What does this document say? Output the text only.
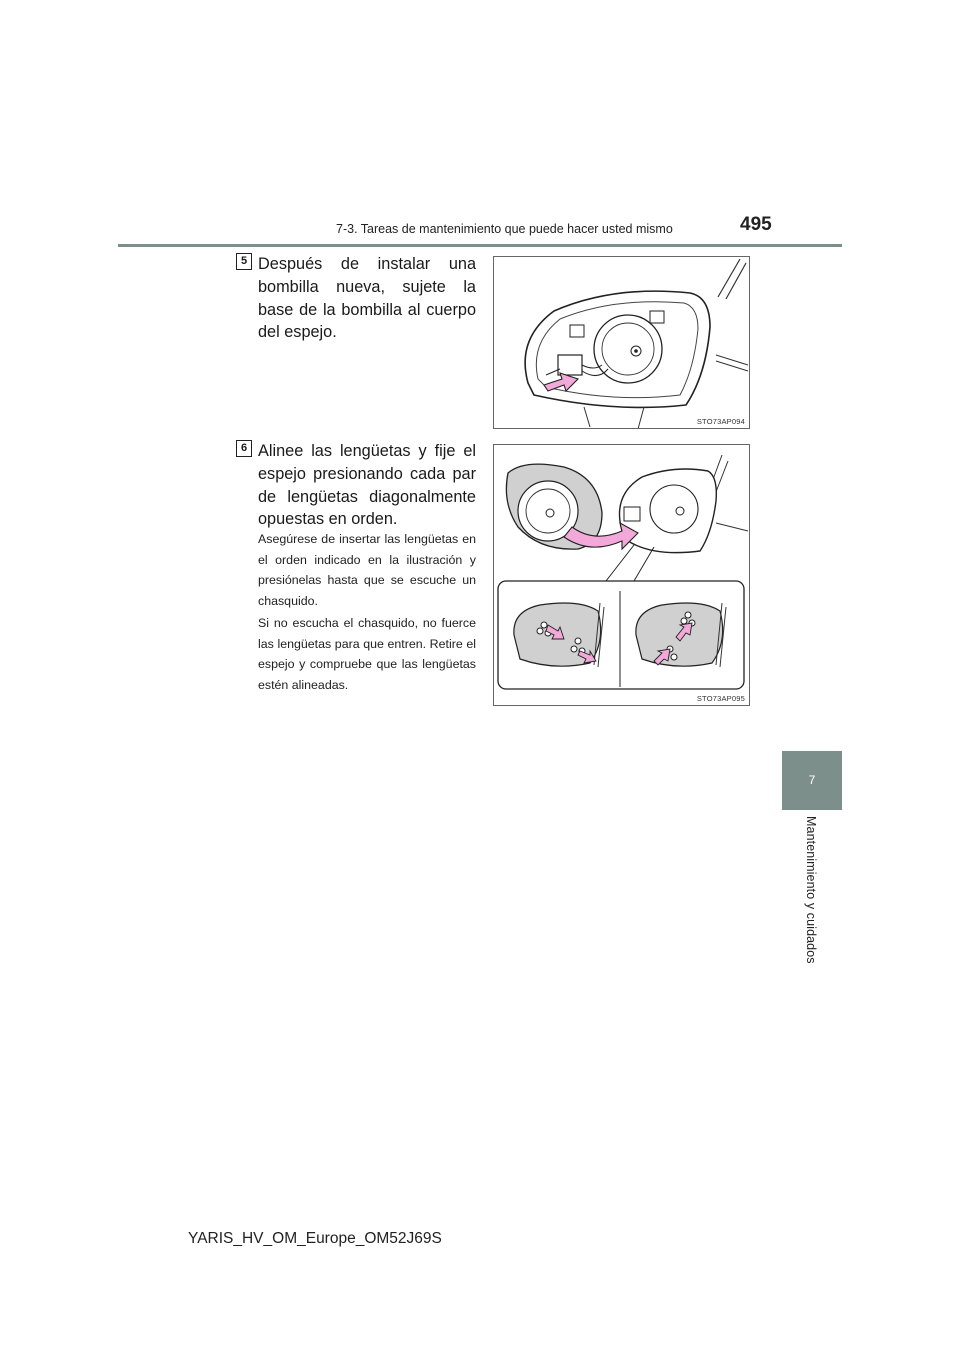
7-3. Tareas de mantenimiento que puede hacer usted mismo	495
7
Mantenimiento y cuidados
5 Después de instalar una bombilla nueva, sujete la base de la bombilla al cuerpo del espejo.
STO73AP094
6 Alinee las lengüetas y fije el espejo presionando cada par de lengüetas diagonalmente opuestas en orden.
Asegúrese de insertar las lengüetas en el orden indicado en la ilustración y presiónelas hasta que se escuche un chasquido.
Si no escucha el chasquido, no fuerce las lengüetas para que entren. Retire el espejo y compruebe que las lengüetas estén alineadas.
STO73AP095
YARIS_HV_OM_Europe_OM52J69S
